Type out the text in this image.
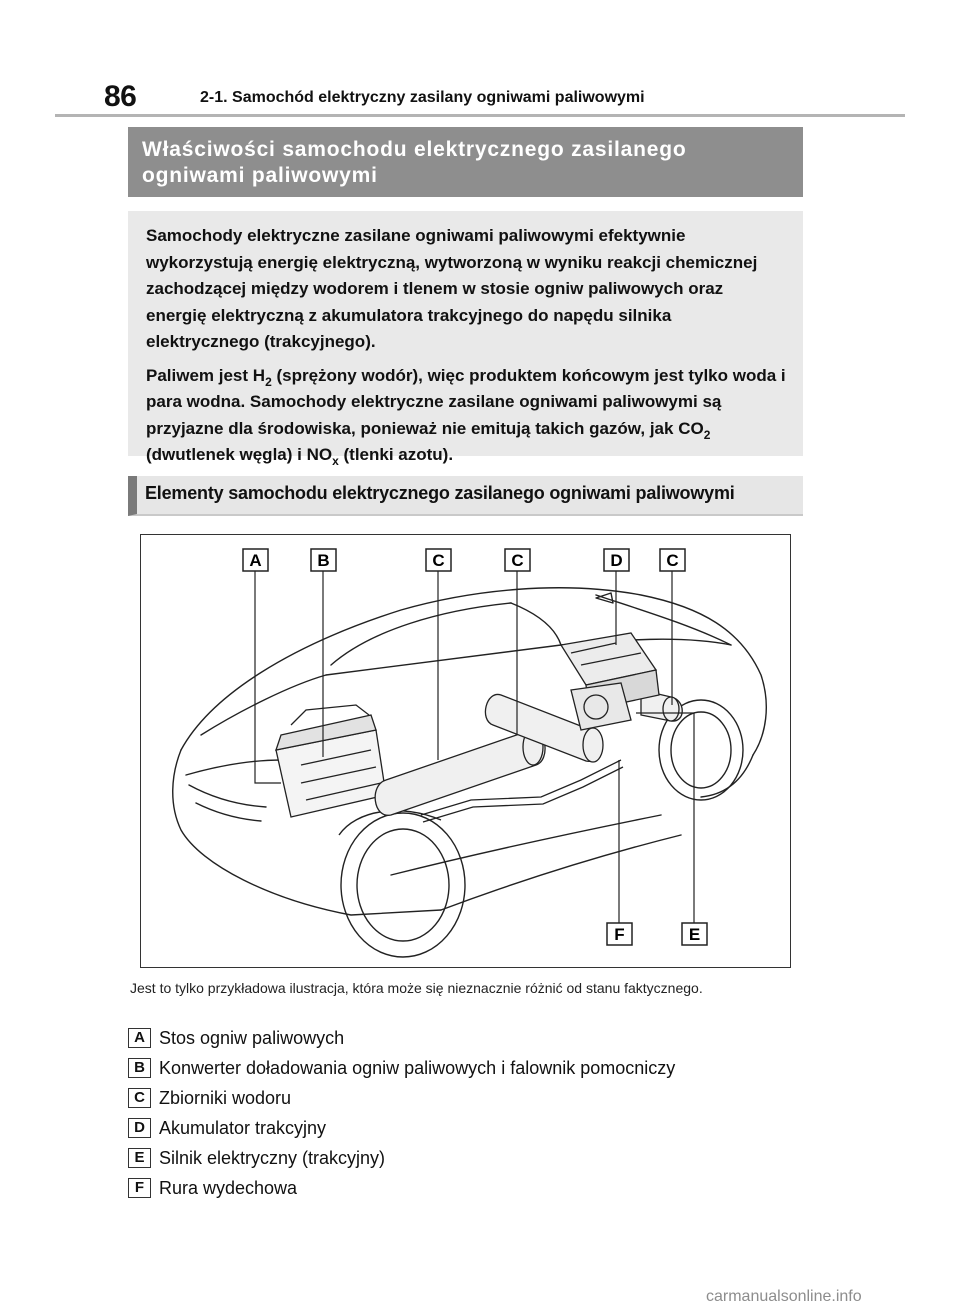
86	2-1. Samochód elektryczny zasilany ogniwami paliwowymi
Właściwości samochodu elektrycznego zasilanego
ogniwami paliwowymi

Samochody elektryczne zasilane ogniwami paliwowymi efektywnie wykorzystują energię elektryczną, wytworzoną w wyniku reakcji chemicznej zachodzącej między wodorem i tlenem w stosie ogniw paliwowych oraz energię elektryczną z akumulatora trakcyjnego do napędu silnika elektrycznego (trakcyjnego).

Paliwem jest $H_2$ (sprężony wodór), więc produktem końcowym jest tylko woda i para wodna. Samochody elektryczne zasilane ogniwami paliwowymi są przyjazne dla środowiska, ponieważ nie emitują takich gazów, jak $CO_2$ (dwutlenek węgla) i $NO_x$ (tlenki azotu).

Elementy samochodu elektrycznego zasilanego ogniwami paliwowymi
A	B	C	C	D	C
F	E
Jest to tylko przykładowa ilustracja, która może się nieznacznie różnić od stanu faktycznego.
A Stos ogniw paliwowych
B Konwerter doładowania ogniw paliwowych i falownik pomocniczy
C Zbiorniki wodoru
D Akumulator trakcyjny
E Silnik elektryczny (trakcyjny)
F Rura wydechowa
carmanualsonline.info
